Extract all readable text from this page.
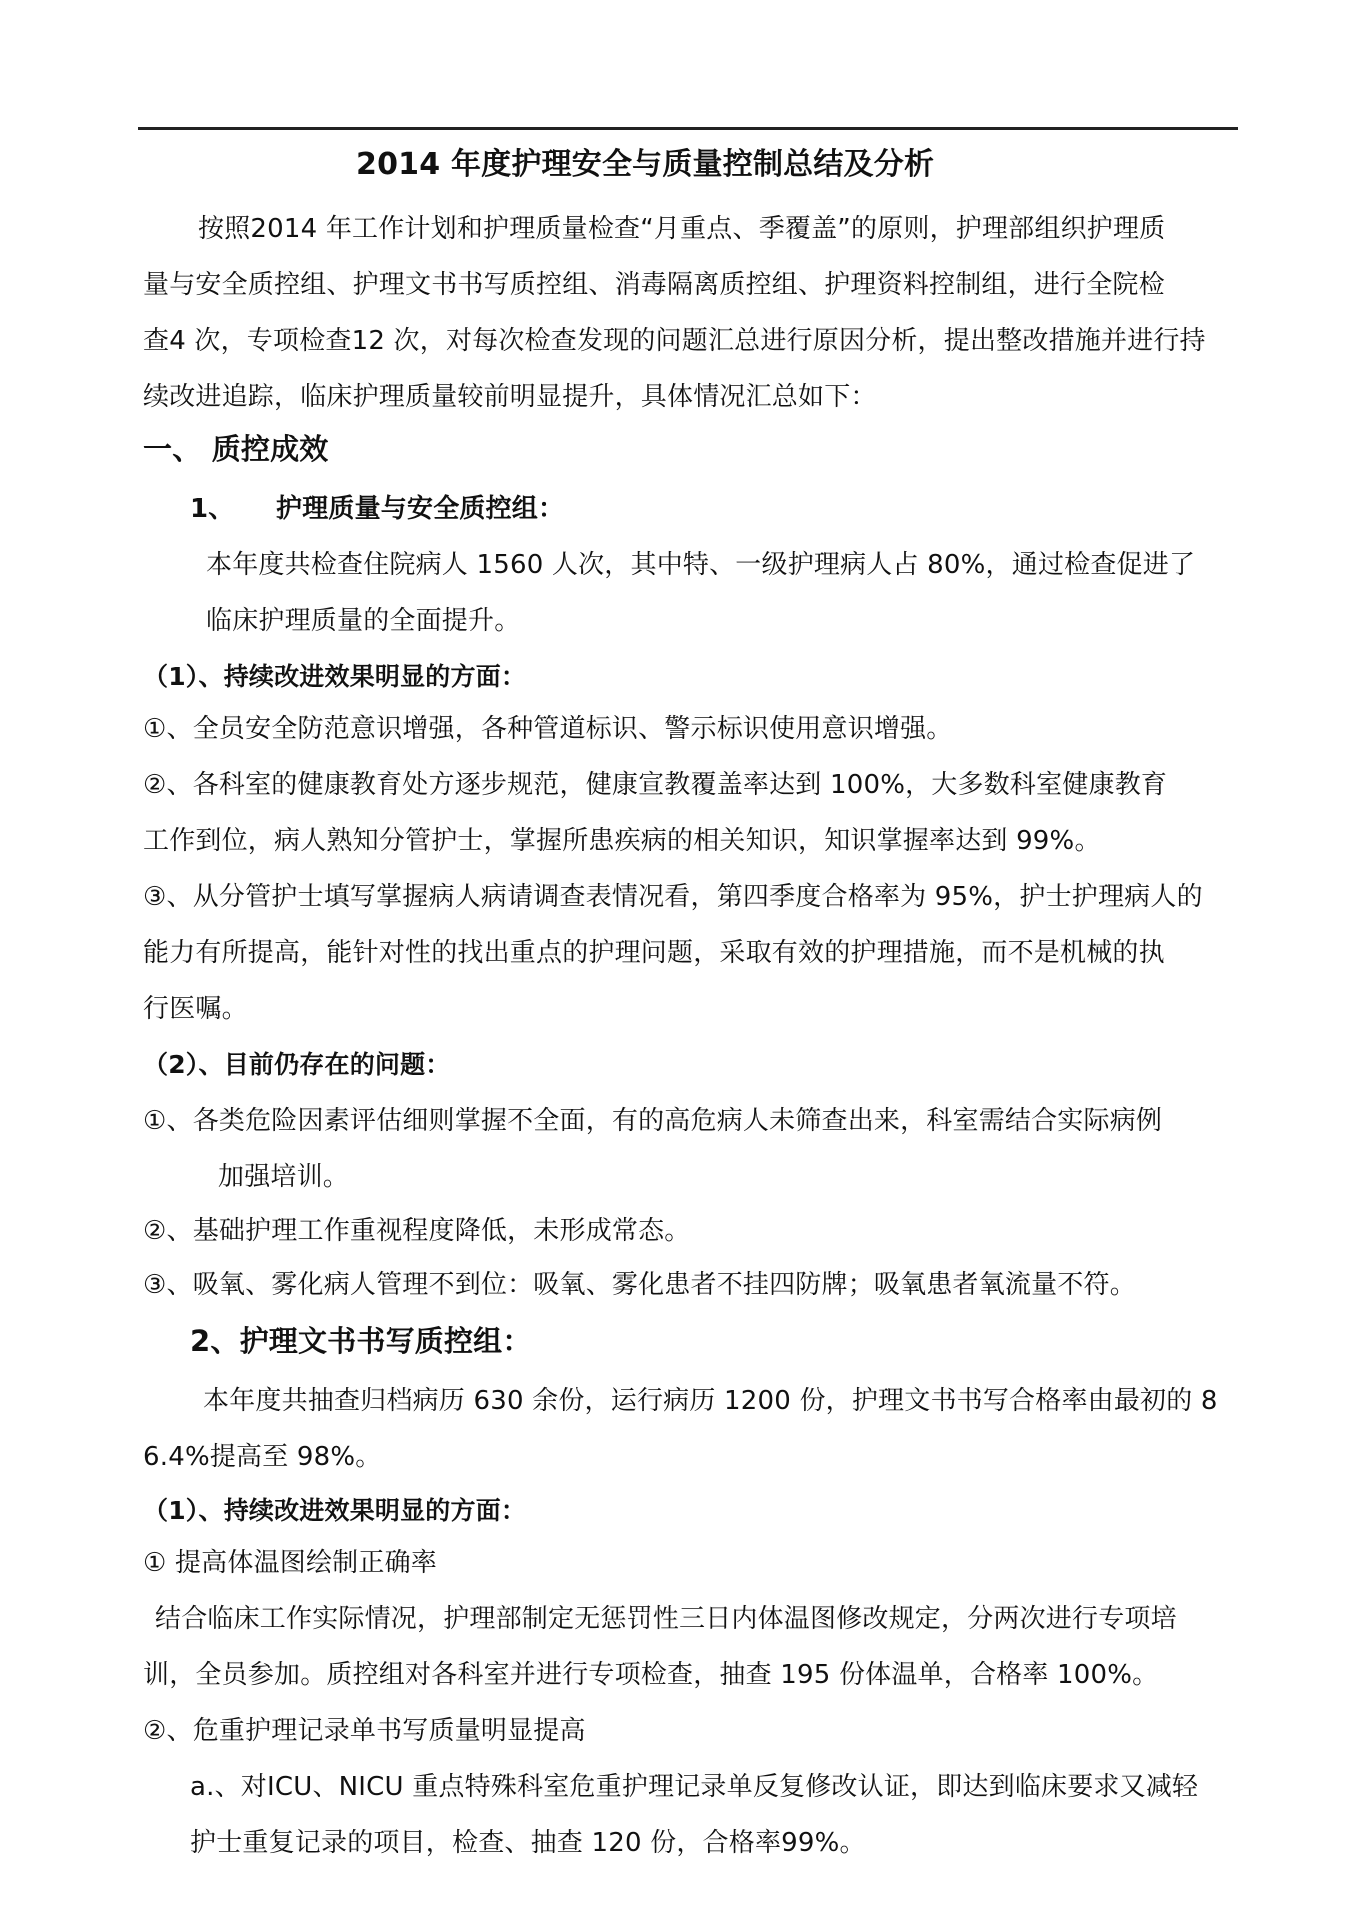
2014 年度护理安全与质量控制总结及分析
按照2014 年工作计划和护理质量检查“月重点、季覆盖”的原则，护理部组织护理质
量与安全质控组、护理文书书写质控组、消毒隔离质控组、护理资料控制组，进行全院检
查4 次，专项检查12 次，对每次检查发现的问题汇总进行原因分析，提出整改措施并进行持
续改进追踪，临床护理质量较前明显提升，具体情况汇总如下：
一、 质控成效
1、 护理质量与安全质控组：
本年度共检查住院病人 1560 人次，其中特、一级护理病人占 80%，通过检查促进了
临床护理质量的全面提升。
（1）、持续改进效果明显的方面：
①、全员安全防范意识增强，各种管道标识、警示标识使用意识增强。
②、各科室的健康教育处方逐步规范，健康宣教覆盖率达到 100%，大多数科室健康教育
工作到位，病人熟知分管护士，掌握所患疾病的相关知识，知识掌握率达到 99%。
③、从分管护士填写掌握病人病请调查表情况看，第四季度合格率为 95%，护士护理病人的
能力有所提高，能针对性的找出重点的护理问题，采取有效的护理措施，而不是机械的执
行医嘱。
（2）、目前仍存在的问题：
①、各类危险因素评估细则掌握不全面，有的高危病人未筛查出来，科室需结合实际病例
加强培训。
②、基础护理工作重视程度降低，未形成常态。
③、吸氧、雾化病人管理不到位：吸氧、雾化患者不挂四防牌；吸氧患者氧流量不符。
2、护理文书书写质控组：
本年度共抽查归档病历 630 余份，运行病历 1200 份，护理文书书写合格率由最初的 8
6.4%提高至 98%。
（1）、持续改进效果明显的方面：
① 提高体温图绘制正确率
结合临床工作实际情况，护理部制定无惩罚性三日内体温图修改规定，分两次进行专项培
训，全员参加。质控组对各科室并进行专项检查，抽查 195 份体温单，合格率 100%。
②、危重护理记录单书写质量明显提高
a.、对ICU、NICU 重点特殊科室危重护理记录单反复修改认证，即达到临床要求又减轻
护士重复记录的项目，检查、抽查 120 份，合格率99%。
